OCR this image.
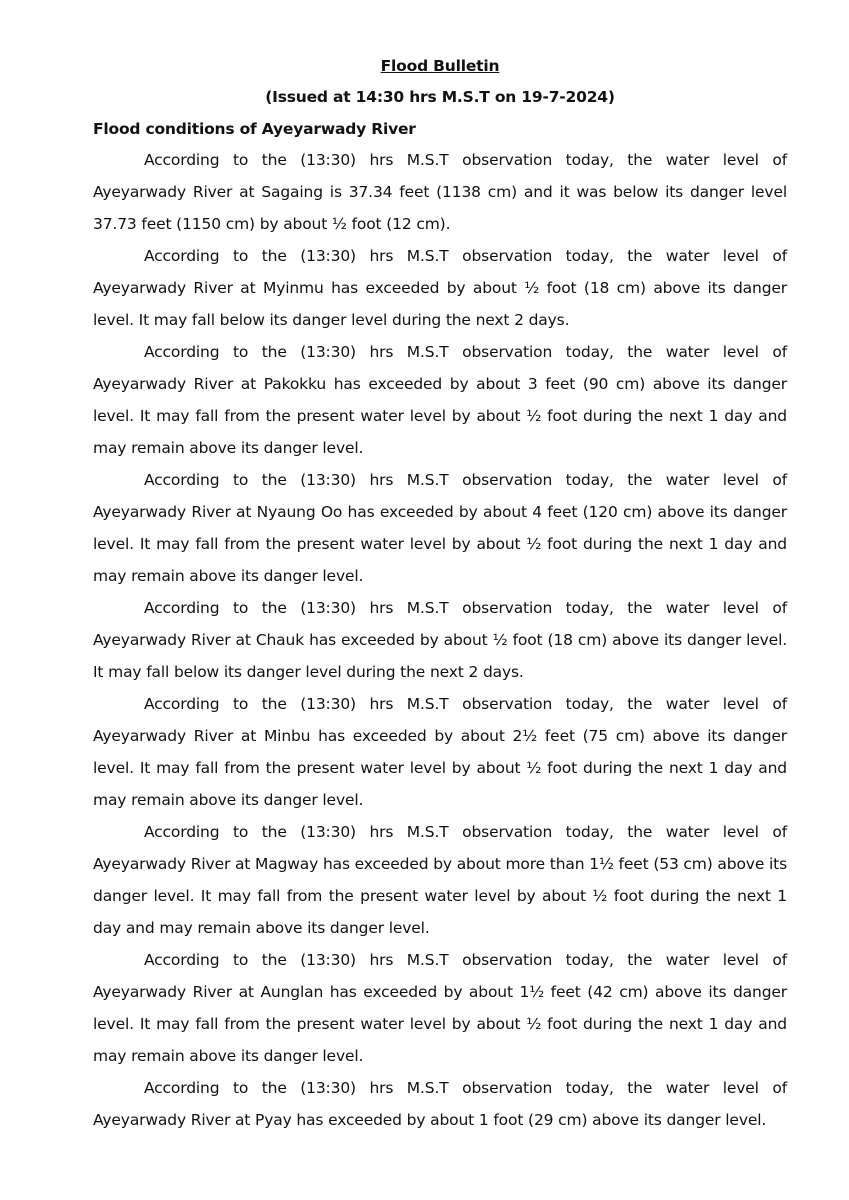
Flood Bulletin

(Issued at 14:30 hrs M.S.T on 19-7-2024)

Flood conditions of Ayeyarwady River

According to the (13:30) hrs M.S.T observation today, the water level of Ayeyarwady River at Sagaing is 37.34 feet (1138 cm) and it was below its danger level 37.73 feet (1150 cm) by about ½ foot (12 cm).

According to the (13:30) hrs M.S.T observation today, the water level of Ayeyarwady River at Myinmu has exceeded by about ½ foot (18 cm) above its danger level. It may fall below its danger level during the next 2 days.

According to the (13:30) hrs M.S.T observation today, the water level of Ayeyarwady River at Pakokku has exceeded by about 3 feet (90 cm) above its danger level. It may fall from the present water level by about ½ foot during the next 1 day and may remain above its danger level.

According to the (13:30) hrs M.S.T observation today, the water level of Ayeyarwady River at Nyaung Oo has exceeded by about 4 feet (120 cm) above its danger level. It may fall from the present water level by about ½ foot during the next 1 day and may remain above its danger level.

According to the (13:30) hrs M.S.T observation today, the water level of Ayeyarwady River at Chauk has exceeded by about ½ foot (18 cm) above its danger level. It may fall below its danger level during the next 2 days.

According to the (13:30) hrs M.S.T observation today, the water level of Ayeyarwady River at Minbu has exceeded by about 2½ feet (75 cm) above its danger level. It may fall from the present water level by about ½ foot during the next 1 day and may remain above its danger level.

According to the (13:30) hrs M.S.T observation today, the water level of Ayeyarwady River at Magway has exceeded by about more than 1½ feet (53 cm) above its danger level. It may fall from the present water level by about ½ foot during the next 1 day and may remain above its danger level.

According to the (13:30) hrs M.S.T observation today, the water level of Ayeyarwady River at Aunglan has exceeded by about 1½ feet (42 cm) above its danger level. It may fall from the present water level by about ½ foot during the next 1 day and may remain above its danger level.

According to the (13:30) hrs M.S.T observation today, the water level of Ayeyarwady River at Pyay has exceeded by about 1 foot (29 cm) above its danger level.
